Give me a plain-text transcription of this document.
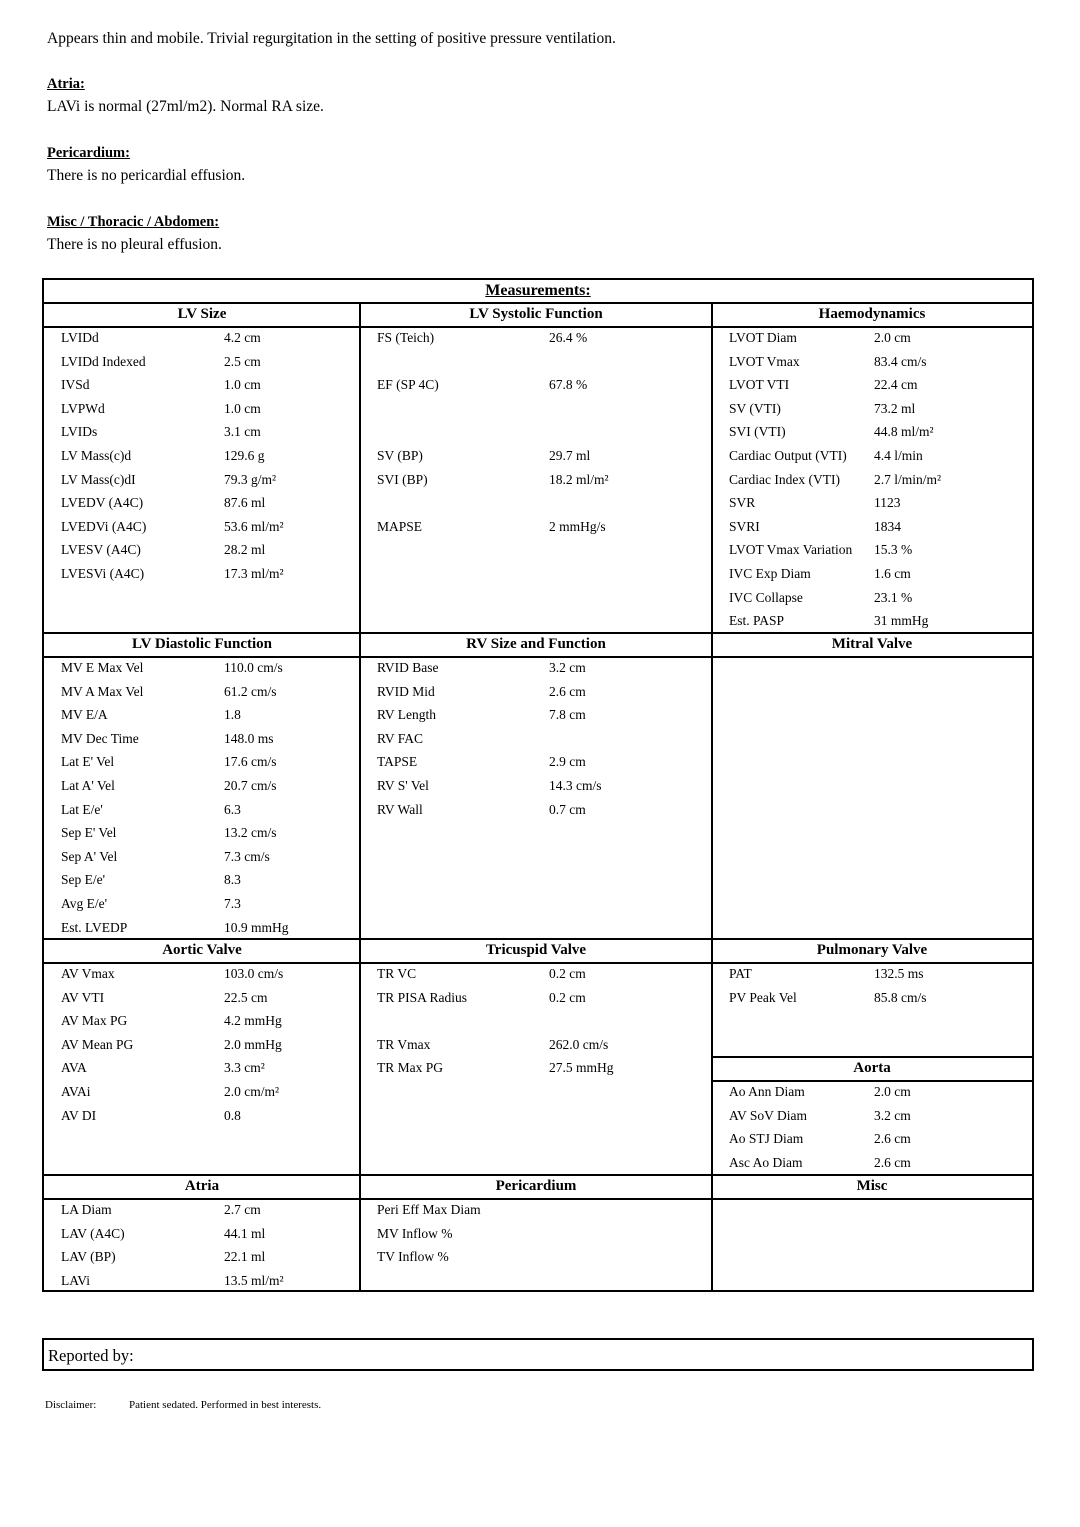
Appears thin and mobile. Trivial regurgitation in the setting of positive pressure ventilation.
Atria:
LAVi is normal (27ml/m2). Normal RA size.
Pericardium:
There is no pericardial effusion.
Misc / Thoracic / Abdomen:
There is no pleural effusion.
Measurements:
LV Size
LVIDd	4.2 cm
LVIDd Indexed	2.5 cm
IVSd	1.0 cm
LVPWd	1.0 cm
LVIDs	3.1 cm
LV Mass(c)d	129.6 g
LV Mass(c)dI	79.3 g/m²
LVEDV (A4C)	87.6 ml
LVEDVi (A4C)	53.6 ml/m²
LVESV (A4C)	28.2 ml
LVESVi (A4C)	17.3 ml/m²
LV Systolic Function
FS (Teich)	26.4 %
EF (SP 4C)	67.8 %
SV (BP)	29.7 ml
SVI (BP)	18.2 ml/m²
MAPSE	2 mmHg/s
Haemodynamics
LVOT Diam	2.0 cm
LVOT Vmax	83.4 cm/s
LVOT VTI	22.4 cm
SV (VTI)	73.2 ml
SVI (VTI)	44.8 ml/m²
Cardiac Output (VTI)	4.4 l/min
Cardiac Index (VTI)	2.7 l/min/m²
SVR	1123
SVRI	1834
LVOT Vmax Variation	15.3 %
IVC Exp Diam	1.6 cm
IVC Collapse	23.1 %
Est. PASP	31 mmHg
LV Diastolic Function
MV E Max Vel	110.0 cm/s
MV A Max Vel	61.2 cm/s
MV E/A	1.8
MV Dec Time	148.0 ms
Lat E' Vel	17.6 cm/s
Lat A' Vel	20.7 cm/s
Lat E/e'	6.3
Sep E' Vel	13.2 cm/s
Sep A' Vel	7.3 cm/s
Sep E/e'	8.3
Avg E/e'	7.3
Est. LVEDP	10.9 mmHg
RV Size and Function
RVID Base	3.2 cm
RVID Mid	2.6 cm
RV Length	7.8 cm
RV FAC
TAPSE	2.9 cm
RV S' Vel	14.3 cm/s
RV Wall	0.7 cm
Mitral Valve
Aortic Valve
AV Vmax	103.0 cm/s
AV VTI	22.5 cm
AV Max PG	4.2 mmHg
AV Mean PG	2.0 mmHg
AVA	3.3 cm²
AVAi	2.0 cm/m²
AV DI	0.8
Tricuspid Valve
TR VC	0.2 cm
TR PISA Radius	0.2 cm
TR Vmax	262.0 cm/s
TR Max PG	27.5 mmHg
Pulmonary Valve
PAT	132.5 ms
PV Peak Vel	85.8 cm/s
Aorta
Ao Ann Diam	2.0 cm
AV SoV Diam	3.2 cm
Ao STJ Diam	2.6 cm
Asc Ao Diam	2.6 cm
Atria
LA Diam	2.7 cm
LAV (A4C)	44.1 ml
LAV (BP)	22.1 ml
LAVi	13.5 ml/m²
Pericardium
Peri Eff Max Diam
MV Inflow %
TV Inflow %
Misc
Reported by:
Disclaimer:	Patient sedated. Performed in best interests.
